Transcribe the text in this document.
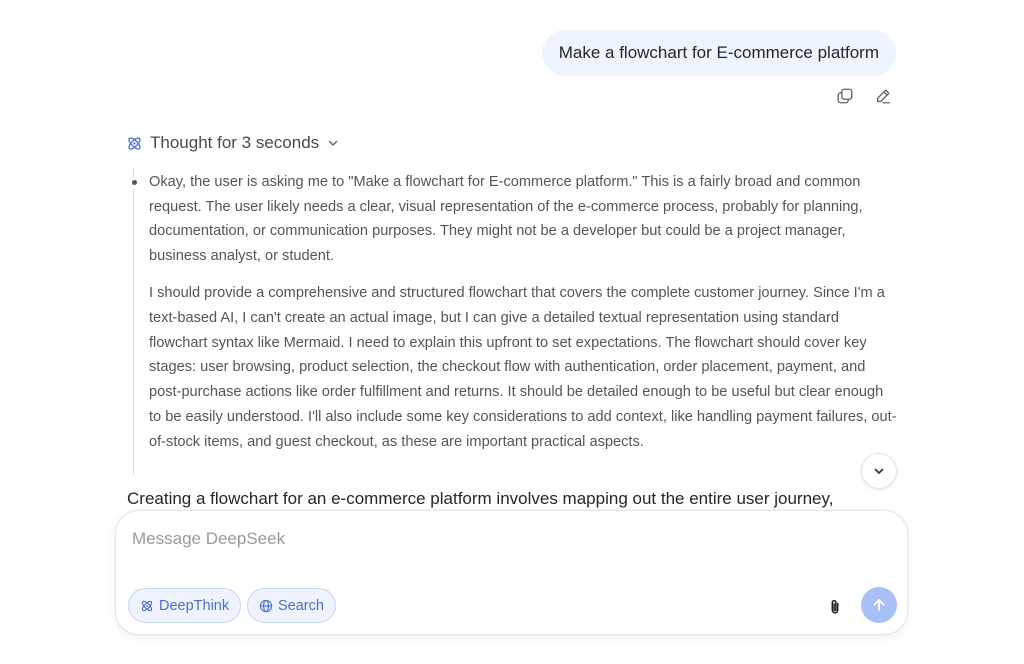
Make a flowchart for E-commerce platform
Thought for 3 seconds

Okay, the user is asking me to "Make a flowchart for E-commerce platform." This is a fairly broad and common request. The user likely needs a clear, visual representation of the e-commerce process, probably for planning, documentation, or communication purposes. They might not be a developer but could be a project manager, business analyst, or student.

I should provide a comprehensive and structured flowchart that covers the complete customer journey. Since I'm a text-based AI, I can't create an actual image, but I can give a detailed textual representation using standard flowchart syntax like Mermaid. I need to explain this upfront to set expectations. The flowchart should cover key stages: user browsing, product selection, the checkout flow with authentication, order placement, payment, and post-purchase actions like order fulfillment and returns. It should be detailed enough to be useful but clear enough to be easily understood. I'll also include some key considerations to add context, like handling payment failures, out-of-stock items, and guest checkout, as these are important practical aspects.

Creating a flowchart for an e-commerce platform involves mapping out the entire user journey,
Message DeepSeek
DeepThink	Search
